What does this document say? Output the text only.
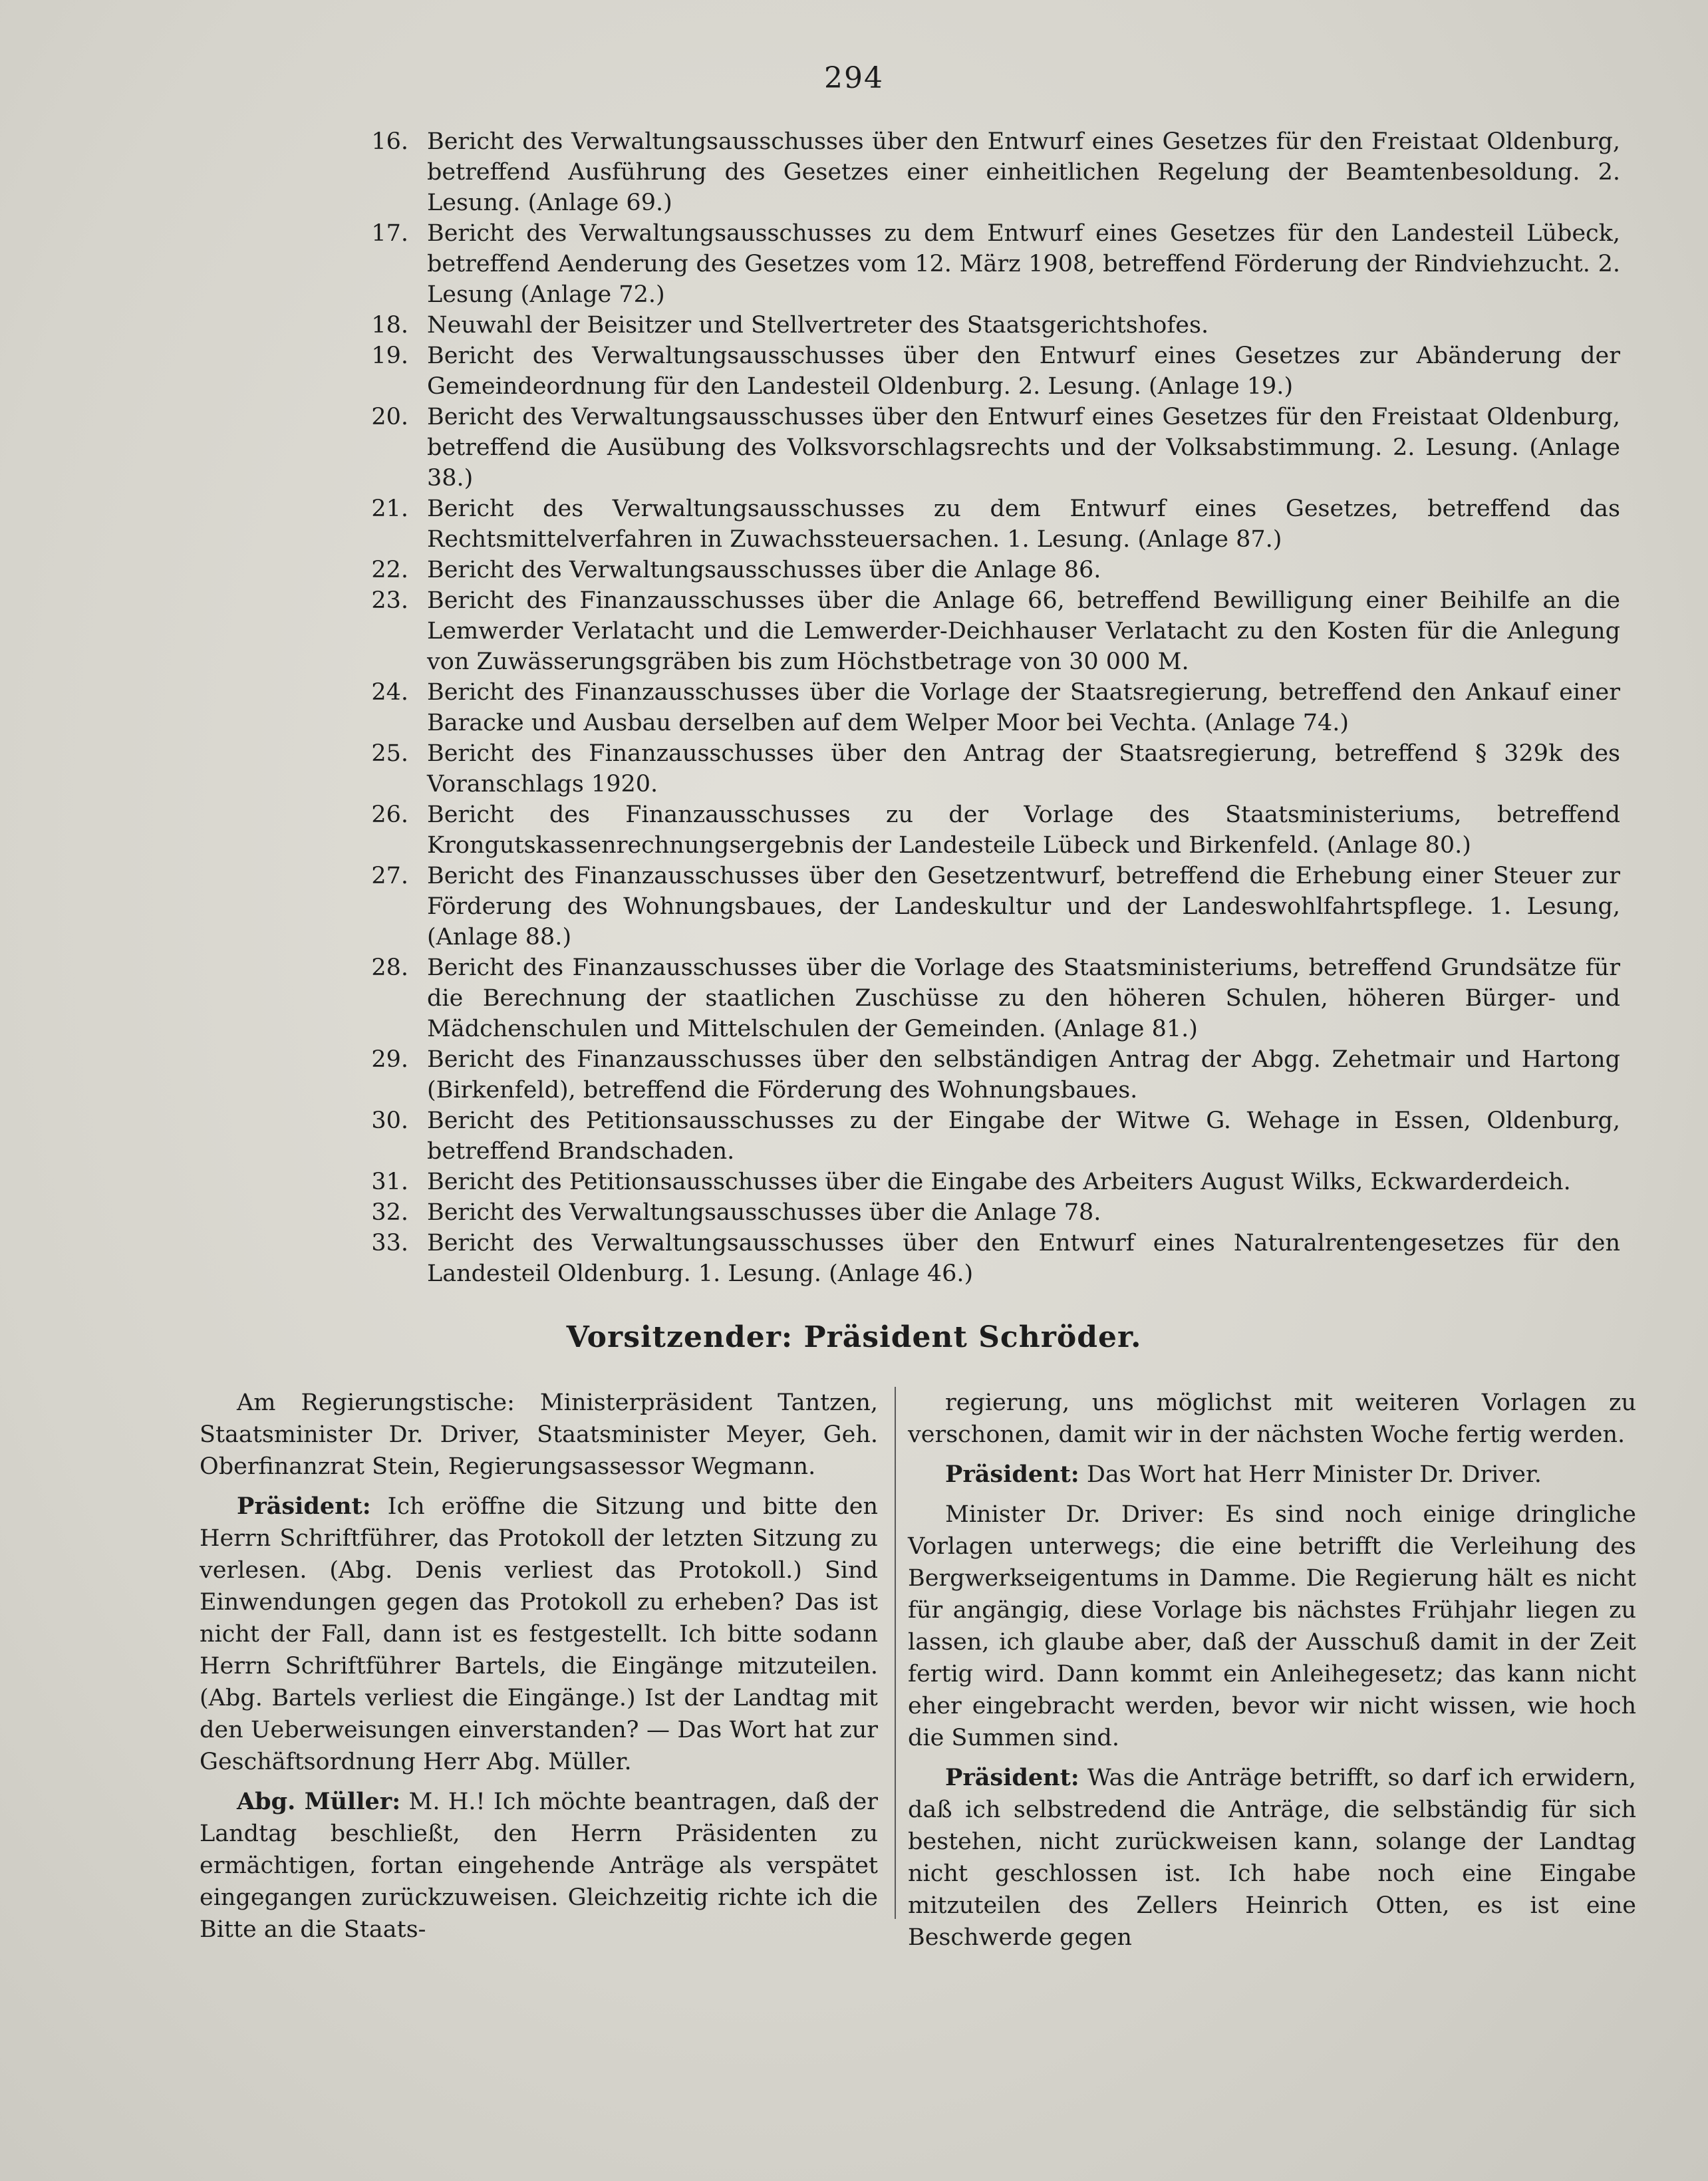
294
16. Bericht des Verwaltungsausschusses über den Entwurf eines Gesetzes für den Freistaat Oldenburg, betreffend Ausführung des Gesetzes einer einheitlichen Regelung der Beamtenbesoldung. 2. Lesung. (Anlage 69.)
17. Bericht des Verwaltungsausschusses zu dem Entwurf eines Gesetzes für den Landesteil Lübeck, betreffend Aenderung des Gesetzes vom 12. März 1908, betreffend Förderung der Rindviehzucht. 2. Lesung (Anlage 72.)
18. Neuwahl der Beisitzer und Stellvertreter des Staatsgerichtshofes.
19. Bericht des Verwaltungsausschusses über den Entwurf eines Gesetzes zur Abänderung der Gemeindeordnung für den Landesteil Oldenburg. 2. Lesung. (Anlage 19.)
20. Bericht des Verwaltungsausschusses über den Entwurf eines Gesetzes für den Freistaat Oldenburg, betreffend die Ausübung des Volksvorschlagsrechts und der Volksabstimmung. 2. Lesung. (Anlage 38.)
21. Bericht des Verwaltungsausschusses zu dem Entwurf eines Gesetzes, betreffend das Rechtsmittelverfahren in Zuwachssteuersachen. 1. Lesung. (Anlage 87.)
22. Bericht des Verwaltungsausschusses über die Anlage 86.
23. Bericht des Finanzausschusses über die Anlage 66, betreffend Bewilligung einer Beihilfe an die Lemwerder Verlatacht und die Lemwerder-Deichhauser Verlatacht zu den Kosten für die Anlegung von Zuwässerungsgräben bis zum Höchstbetrage von 30 000 M.
24. Bericht des Finanzausschusses über die Vorlage der Staatsregierung, betreffend den Ankauf einer Baracke und Ausbau derselben auf dem Welper Moor bei Vechta. (Anlage 74.)
25. Bericht des Finanzausschusses über den Antrag der Staatsregierung, betreffend § 329k des Voranschlags 1920.
26. Bericht des Finanzausschusses zu der Vorlage des Staatsministeriums, betreffend Krongutskassenrechnungsergebnis der Landesteile Lübeck und Birkenfeld. (Anlage 80.)
27. Bericht des Finanzausschusses über den Gesetzentwurf, betreffend die Erhebung einer Steuer zur Förderung des Wohnungsbaues, der Landeskultur und der Landeswohlfahrtspflege. 1. Lesung, (Anlage 88.)
28. Bericht des Finanzausschusses über die Vorlage des Staatsministeriums, betreffend Grundsätze für die Berechnung der staatlichen Zuschüsse zu den höheren Schulen, höheren Bürger- und Mädchenschulen und Mittelschulen der Gemeinden. (Anlage 81.)
29. Bericht des Finanzausschusses über den selbständigen Antrag der Abgg. Zehetmair und Hartong (Birkenfeld), betreffend die Förderung des Wohnungsbaues.
30. Bericht des Petitionsausschusses zu der Eingabe der Witwe G. Wehage in Essen, Oldenburg, betreffend Brandschaden.
31. Bericht des Petitionsausschusses über die Eingabe des Arbeiters August Wilks, Eckwarderdeich.
32. Bericht des Verwaltungsausschusses über die Anlage 78.
33. Bericht des Verwaltungsausschusses über den Entwurf eines Naturalrentengesetzes für den Landesteil Oldenburg. 1. Lesung. (Anlage 46.)
Vorsitzender: Präsident Schröder.

Am Regierungstische: Ministerpräsident Tantzen, Staatsminister Dr. Driver, Staatsminister Meyer, Geh. Oberfinanzrat Stein, Regierungsassessor Wegmann.

Präsident: Ich eröffne die Sitzung und bitte den Herrn Schriftführer, das Protokoll der letzten Sitzung zu verlesen. (Abg. Denis verliest das Protokoll.) Sind Einwendungen gegen das Protokoll zu erheben? Das ist nicht der Fall, dann ist es festgestellt. Ich bitte sodann Herrn Schriftführer Bartels, die Eingänge mitzuteilen. (Abg. Bartels verliest die Eingänge.) Ist der Landtag mit den Ueberweisungen einverstanden? — Das Wort hat zur Geschäftsordnung Herr Abg. Müller.

Abg. Müller: M. H.! Ich möchte beantragen, daß der Landtag beschließt, den Herrn Präsidenten zu ermächtigen, fortan eingehende Anträge als verspätet eingegangen zurückzuweisen. Gleichzeitig richte ich die Bitte an die Staats-

regierung, uns möglichst mit weiteren Vorlagen zu verschonen, damit wir in der nächsten Woche fertig werden.

Präsident: Das Wort hat Herr Minister Dr. Driver.

Minister Dr. Driver: Es sind noch einige dringliche Vorlagen unterwegs; die eine betrifft die Verleihung des Bergwerkseigentums in Damme. Die Regierung hält es nicht für angängig, diese Vorlage bis nächstes Frühjahr liegen zu lassen, ich glaube aber, daß der Ausschuß damit in der Zeit fertig wird. Dann kommt ein Anleihegesetz; das kann nicht eher eingebracht werden, bevor wir nicht wissen, wie hoch die Summen sind.

Präsident: Was die Anträge betrifft, so darf ich erwidern, daß ich selbstredend die Anträge, die selbständig für sich bestehen, nicht zurückweisen kann, solange der Landtag nicht geschlossen ist. Ich habe noch eine Eingabe mitzuteilen des Zellers Heinrich Otten, es ist eine Beschwerde gegen
